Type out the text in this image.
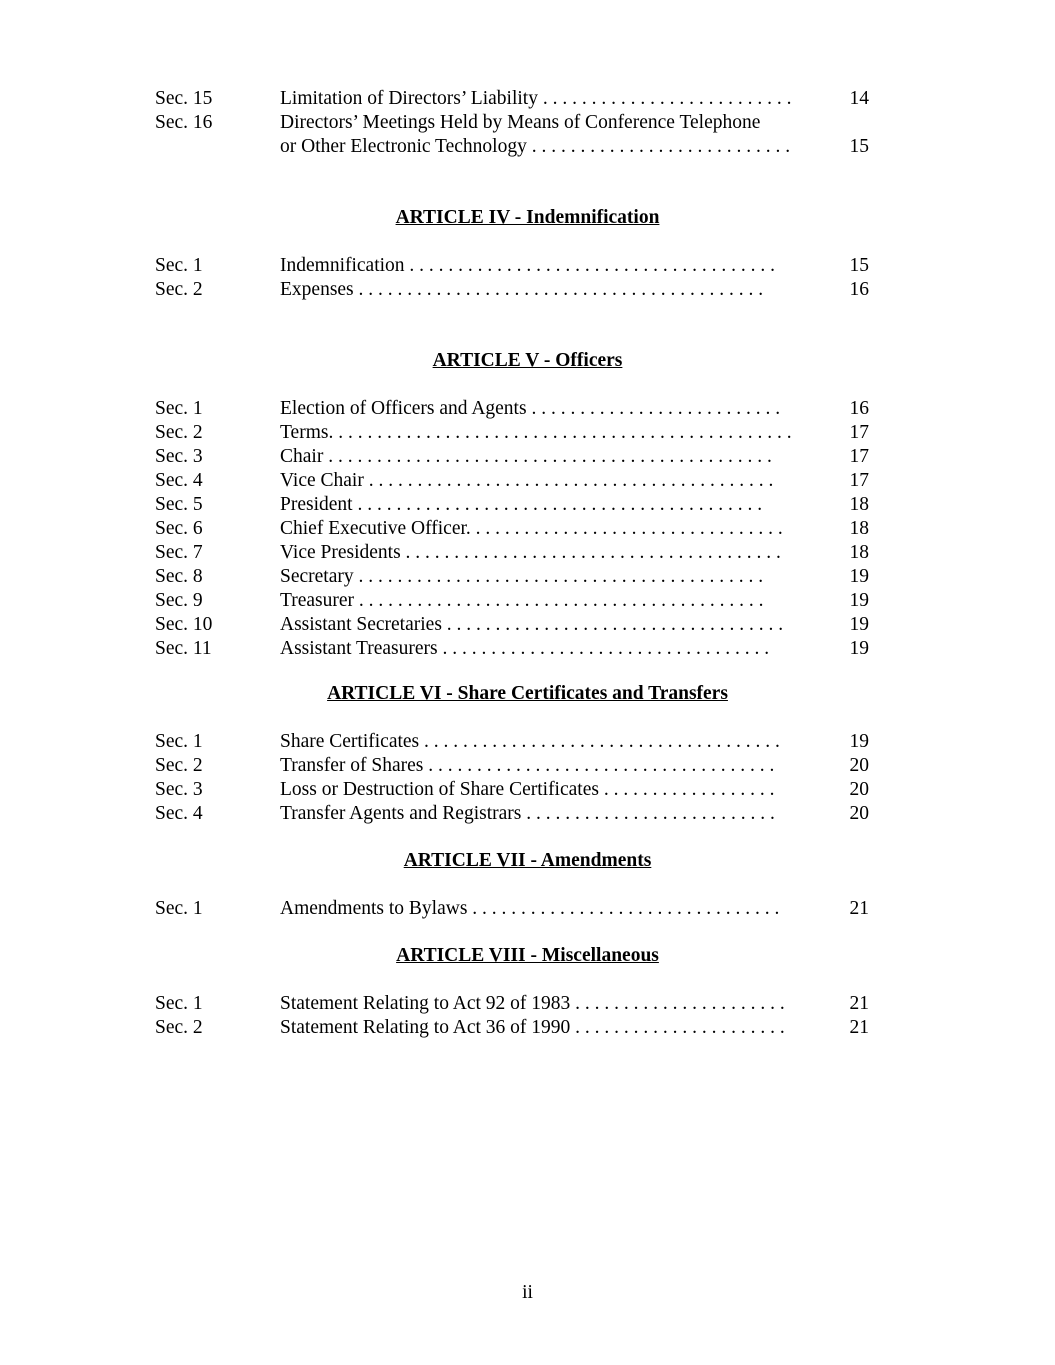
Sec. 15	Limitation of Directors’ Liability . . . . . . . . . . . . . . . . . . . . . . . . . .	14
Sec. 16	Directors’ Meetings Held by Means of Conference Telephone
or Other Electronic Technology . . . . . . . . . . . . . . . . . . . . . . . . . . .	15
ARTICLE IV - Indemnification
Sec. 1	Indemnification . . . . . . . . . . . . . . . . . . . . . . . . . . . . . . . . . . . . . .	15
Sec. 2	Expenses . . . . . . . . . . . . . . . . . . . . . . . . . . . . . . . . . . . . . . . . . .	16
ARTICLE V - Officers
Sec. 1	Election of Officers and Agents . . . . . . . . . . . . . . . . . . . . . . . . . .	16
Sec. 2	Terms. . . . . . . . . . . . . . . . . . . . . . . . . . . . . . . . . . . . . . . . . . . . . . . .	17
Sec. 3	Chair . . . . . . . . . . . . . . . . . . . . . . . . . . . . . . . . . . . . . . . . . . . . . .	17
Sec. 4	Vice Chair . . . . . . . . . . . . . . . . . . . . . . . . . . . . . . . . . . . . . . . . . .	17
Sec. 5	President . . . . . . . . . . . . . . . . . . . . . . . . . . . . . . . . . . . . . . . . . .	18
Sec. 6	Chief Executive Officer. . . . . . . . . . . . . . . . . . . . . . . . . . . . . . . . .	18
Sec. 7	Vice Presidents . . . . . . . . . . . . . . . . . . . . . . . . . . . . . . . . . . . . . . .	18
Sec. 8	Secretary . . . . . . . . . . . . . . . . . . . . . . . . . . . . . . . . . . . . . . . . . .	19
Sec. 9	Treasurer . . . . . . . . . . . . . . . . . . . . . . . . . . . . . . . . . . . . . . . . . .	19
Sec. 10	Assistant Secretaries . . . . . . . . . . . . . . . . . . . . . . . . . . . . . . . . . . .	19
Sec. 11	Assistant Treasurers . . . . . . . . . . . . . . . . . . . . . . . . . . . . . . . . . .	19
ARTICLE VI - Share Certificates and Transfers
Sec. 1	Share Certificates . . . . . . . . . . . . . . . . . . . . . . . . . . . . . . . . . . . . .	19
Sec. 2	Transfer of Shares . . . . . . . . . . . . . . . . . . . . . . . . . . . . . . . . . . . .	20
Sec. 3	Loss or Destruction of Share Certificates . . . . . . . . . . . . . . . . . .	20
Sec. 4	Transfer Agents and Registrars . . . . . . . . . . . . . . . . . . . . . . . . . .	20
ARTICLE VII - Amendments
Sec. 1	Amendments to Bylaws . . . . . . . . . . . . . . . . . . . . . . . . . . . . . . . .	21
ARTICLE VIII - Miscellaneous
Sec. 1	Statement Relating to Act 92 of 1983 . . . . . . . . . . . . . . . . . . . . . .	21
Sec. 2	Statement Relating to Act 36 of 1990 . . . . . . . . . . . . . . . . . . . . . .	21
ii
